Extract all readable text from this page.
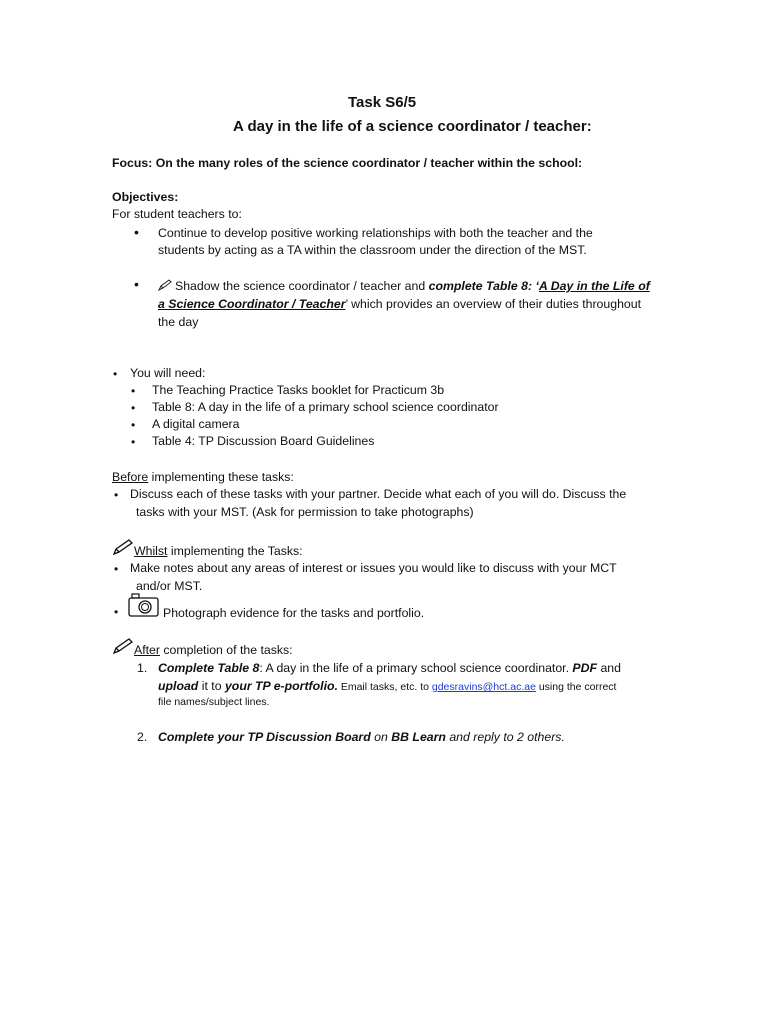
Task S6/5
A day in the life of a science coordinator / teacher:
Focus: On the many roles of the science coordinator / teacher within the school:
Objectives:
For student teachers to:
• Continue to develop positive working relationships with both the teacher and the
students by acting as a TA within the classroom under the direction of the MST.
•	Shadow the science coordinator / teacher and complete Table 8: ‘A Day in the Life of
a Science Coordinator / Teacher’ which provides an overview of their duties throughout
the day
• You will need:
• The Teaching Practice Tasks booklet for Practicum 3b
• Table 8: A day in the life of a primary school science coordinator
• A digital camera
• Table 4: TP Discussion Board Guidelines
Before implementing these tasks:
• Discuss each of these tasks with your partner. Decide what each of you will do. Discuss the
tasks with your MST. (Ask for permission to take photographs)
Whilst implementing the Tasks:
• Make notes about any areas of interest or issues you would like to discuss with your MCT
and/or MST.
•	Photograph evidence for the tasks and portfolio.
After completion of the tasks:
1. Complete Table 8: A day in the life of a primary school science coordinator. PDF and
upload it to your TP e-portfolio. Email tasks, etc. to gdesravins@hct.ac.ae using the correct
file names/subject lines.
2. Complete your TP Discussion Board on BB Learn and reply to 2 others.
